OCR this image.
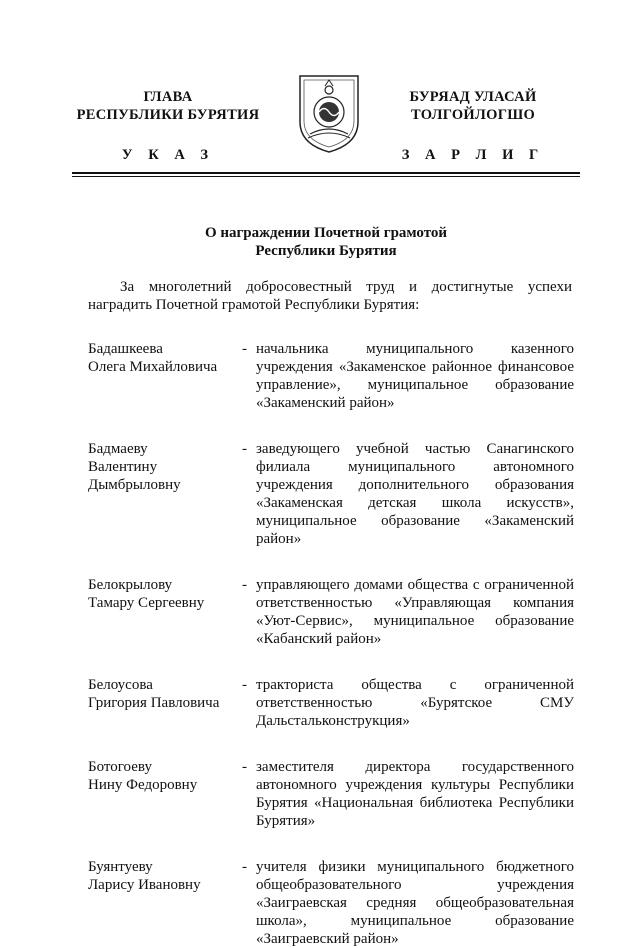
ГЛАВА
РЕСПУБЛИКИ БУРЯТИЯ
У К А З
БУРЯАД УЛАСАЙ
ТОЛГОЙЛОГШО
З А Р Л И Г
О награждении Почетной грамотой
Республики Бурятия
За многолетний добросовестный труд и достигнутые успехи наградить Почетной грамотой Республики Бурятия:
Бадашкеева
Олега Михайловича
- начальника муниципального казенного учреждения «Закаменское районное финансовое управление», муниципальное образование «Закаменский район»
Бадмаеву
Валентину
Дымбрыловну
- заведующего учебной частью Санагинского филиала муниципального автономного учреждения дополнительного образования «Закаменская детская школа искусств», муниципальное образование «Закаменский район»
Белокрылову
Тамару Сергеевну
- управляющего домами общества с ограниченной ответственностью «Управляющая компания «Уют-Сервис», муниципальное образование «Кабанский район»
Белоусова
Григория Павловича
- тракториста общества с ограниченной ответственностью «Бурятское СМУ Дальстальконструкция»
Ботогоеву
Нину Федоровну
- заместителя директора государственного автономного учреждения культуры Республики Бурятия «Национальная библиотека Республики Бурятия»
Буянтуеву
Ларису Ивановну
- учителя физики муниципального бюджетного общеобразовательного учреждения «Заиграевская средняя общеобразовательная школа», муниципальное образование «Заиграевский район»
